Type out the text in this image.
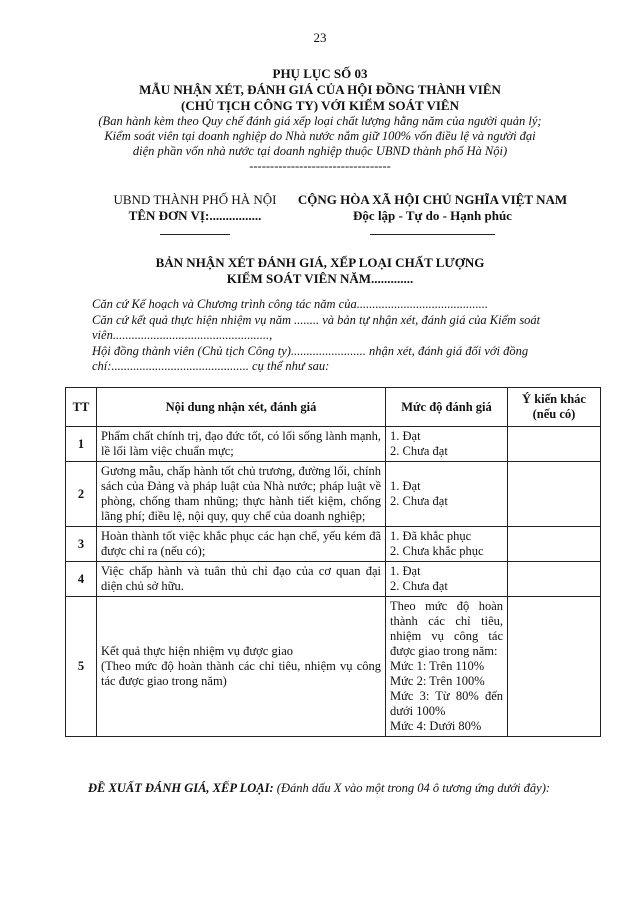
23
PHỤ LỤC SỐ 03
MẪU NHẬN XÉT, ĐÁNH GIÁ CỦA HỘI ĐỒNG THÀNH VIÊN
(CHỦ TỊCH CÔNG TY) VỚI KIỂM SOÁT VIÊN
(Ban hành kèm theo Quy chế đánh giá xếp loại chất lượng hằng năm của người quản lý;
Kiểm soát viên tại doanh nghiệp do Nhà nước nắm giữ 100% vốn điều lệ và người đại
diện phần vốn nhà nước tại doanh nghiệp thuộc UBND thành phố Hà Nội)
----------------------------------
UBND THÀNH PHỐ HÀ NỘI
TÊN ĐƠN VỊ:................
CỘNG HÒA XÃ HỘI CHỦ NGHĨA VIỆT NAM
Độc lập - Tự do - Hạnh phúc
BẢN NHẬN XÉT ĐÁNH GIÁ, XẾP LOẠI CHẤT LƯỢNG
KIỂM SOÁT VIÊN NĂM.............
Căn cứ Kế hoạch và Chương trình công tác năm của..........................................
Căn cứ kết quả thực hiện nhiệm vụ năm ........ và bản tự nhận xét, đánh giá của Kiểm soát
viên..................................................,
Hội đồng thành viên (Chủ tịch Công ty)........................ nhận xét, đánh giá đối với đồng
chí:............................................ cụ thể như sau:
TT	Nội dung nhận xét, đánh giá	Mức độ đánh giá	Ý kiến khác
(nếu có)

1	Phẩm chất chính trị, đạo đức tốt, có lối sống lành mạnh, lề lối làm việc chuẩn mực;	1. Đạt
2. Chưa đạt	

2	Gương mẫu, chấp hành tốt chủ trương, đường lối, chính sách của Đảng và pháp luật của Nhà nước; pháp luật về phòng, chống tham nhũng; thực hành tiết kiệm, chống lãng phí; điều lệ, nội quy, quy chế của doanh nghiệp;	1. Đạt
2. Chưa đạt	

3	Hoàn thành tốt việc khắc phục các hạn chế, yếu kém đã được chỉ ra (nếu có);	1. Đã khắc phục
2. Chưa khắc phục	

4	Việc chấp hành và tuân thủ chỉ đạo của cơ quan đại diện chủ sở hữu.	1. Đạt
2. Chưa đạt	

5	Kết quả thực hiện nhiệm vụ được giao
(Theo mức độ hoàn thành các chỉ tiêu, nhiệm vụ công tác được giao trong năm)	Theo mức độ hoàn thành các chỉ tiêu, nhiệm vụ công tác được giao trong năm:
Mức 1: Trên 110%
Mức 2: Trên 100%
Mức 3: Từ 80% đến dưới 100%
Mức 4: Dưới 80%	

ĐỀ XUẤT ĐÁNH GIÁ, XẾP LOẠI: (Đánh dấu X vào một trong 04 ô tương ứng dưới đây):
